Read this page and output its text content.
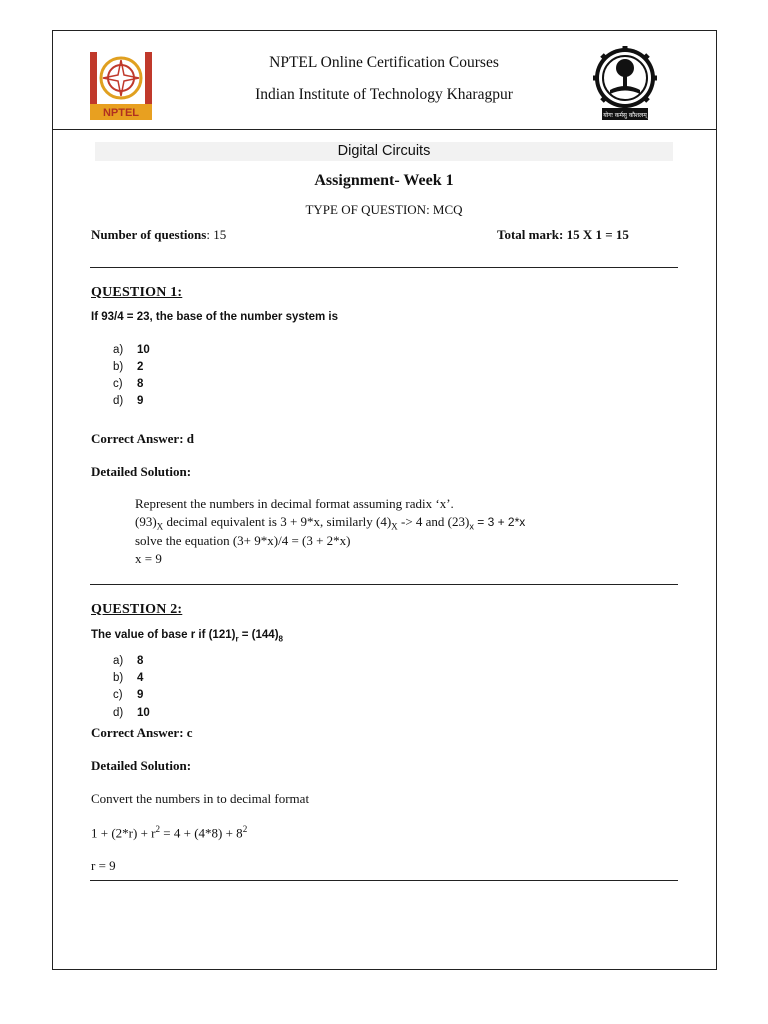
NPTEL	योगः कर्मसु कौशलम्
NPTEL Online Certification Courses
Indian Institute of Technology Kharagpur
Digital Circuits
Assignment- Week 1
TYPE OF QUESTION: MCQ
Number of questions: 15	Total mark: 15 X 1 = 15
QUESTION 1:
If 93/4 = 23, the base of the number system is
a) 10
b) 2
c) 8
d) 9
Correct Answer: d
Detailed Solution:
Represent the numbers in decimal format assuming radix ‘x’.
$(93)_X$ decimal equivalent is 3 + 9*x, similarly $(4)_X -> 4$ and $(23)_x = 3 + 2*x$
solve the equation (3+ 9*x)/4 = (3 + 2*x)
x = 9
QUESTION 2:
The value of base r if $(121)_r = (144)_8$
a) 8
b) 4
c) 9
d) 10
Correct Answer: c
Detailed Solution:
Convert the numbers in to decimal format
$1 + (2*r) + r^2 = 4 + (4*8) + 8^2$
r = 9
